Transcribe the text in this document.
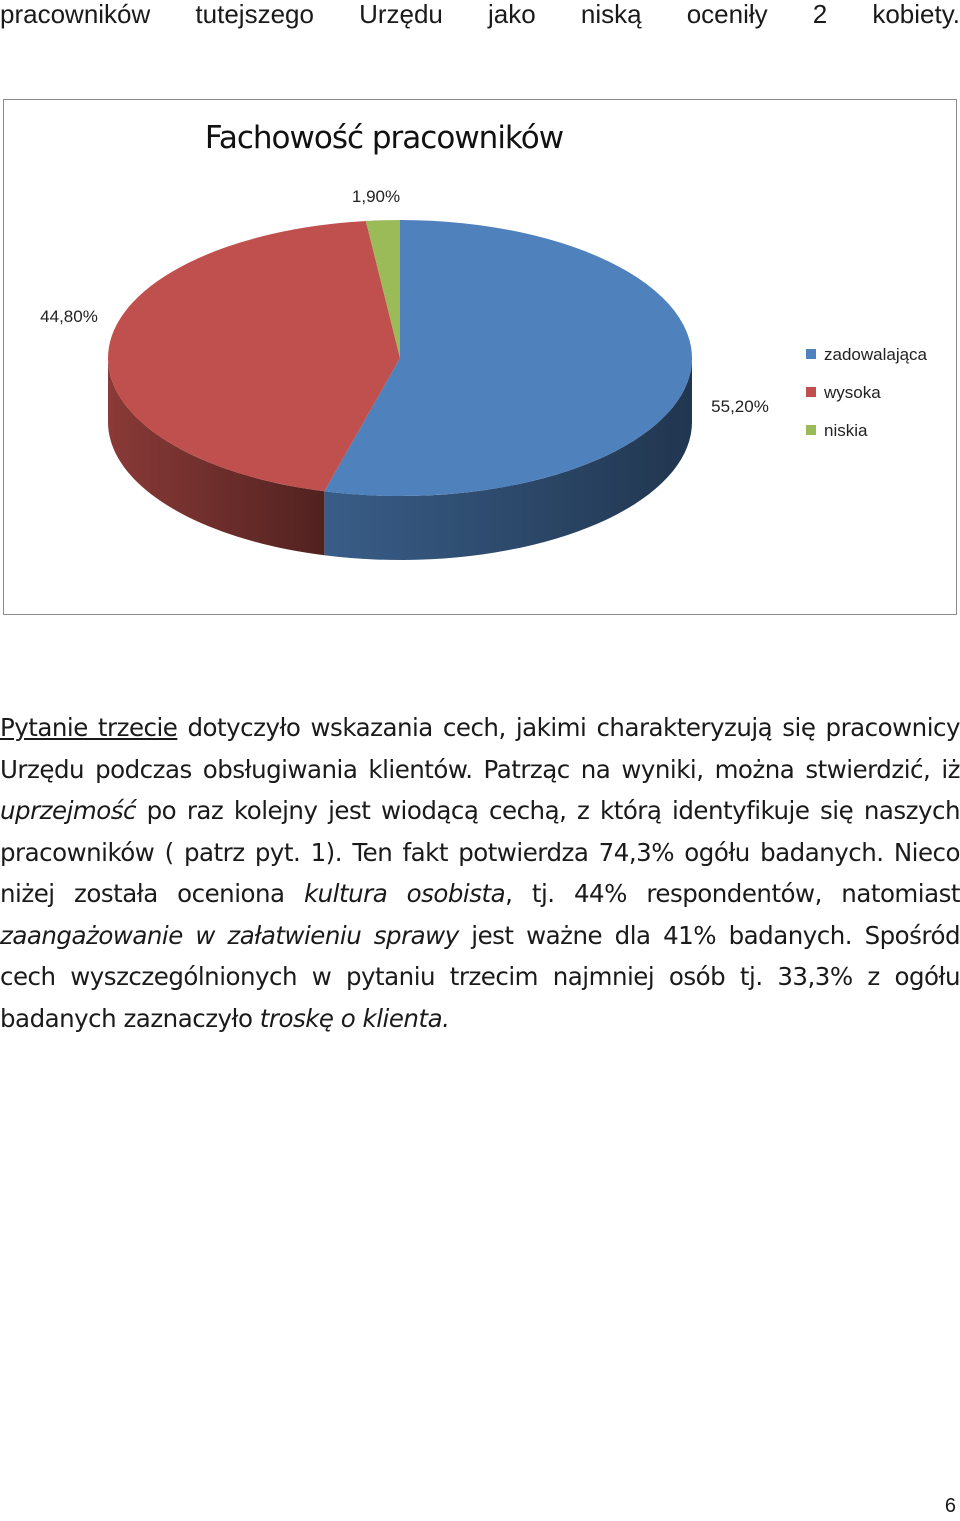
pracowników tutejszego Urzędu jako niską oceniły 2 kobiety.
Fachowość pracowników
55,20%
44,80%
1,90%
zadowalająca
wysoka
niskia
Pytanie trzecie dotyczyło wskazania cech, jakimi charakteryzują się pracownicy Urzędu podczas obsługiwania klientów. Patrząc na wyniki, można stwierdzić, iż uprzejmość po raz kolejny jest wiodącą cechą, z którą identyfikuje się naszych pracowników ( patrz pyt. 1). Ten fakt potwierdza 74,3% ogółu badanych. Nieco niżej została oceniona kultura osobista, tj. 44% respondentów, natomiast zaangażowanie w załatwieniu sprawy jest ważne dla 41% badanych. Spośród cech wyszczególnionych w pytaniu trzecim najmniej osób tj. 33,3% z ogółu badanych zaznaczyło troskę o klienta.
6
